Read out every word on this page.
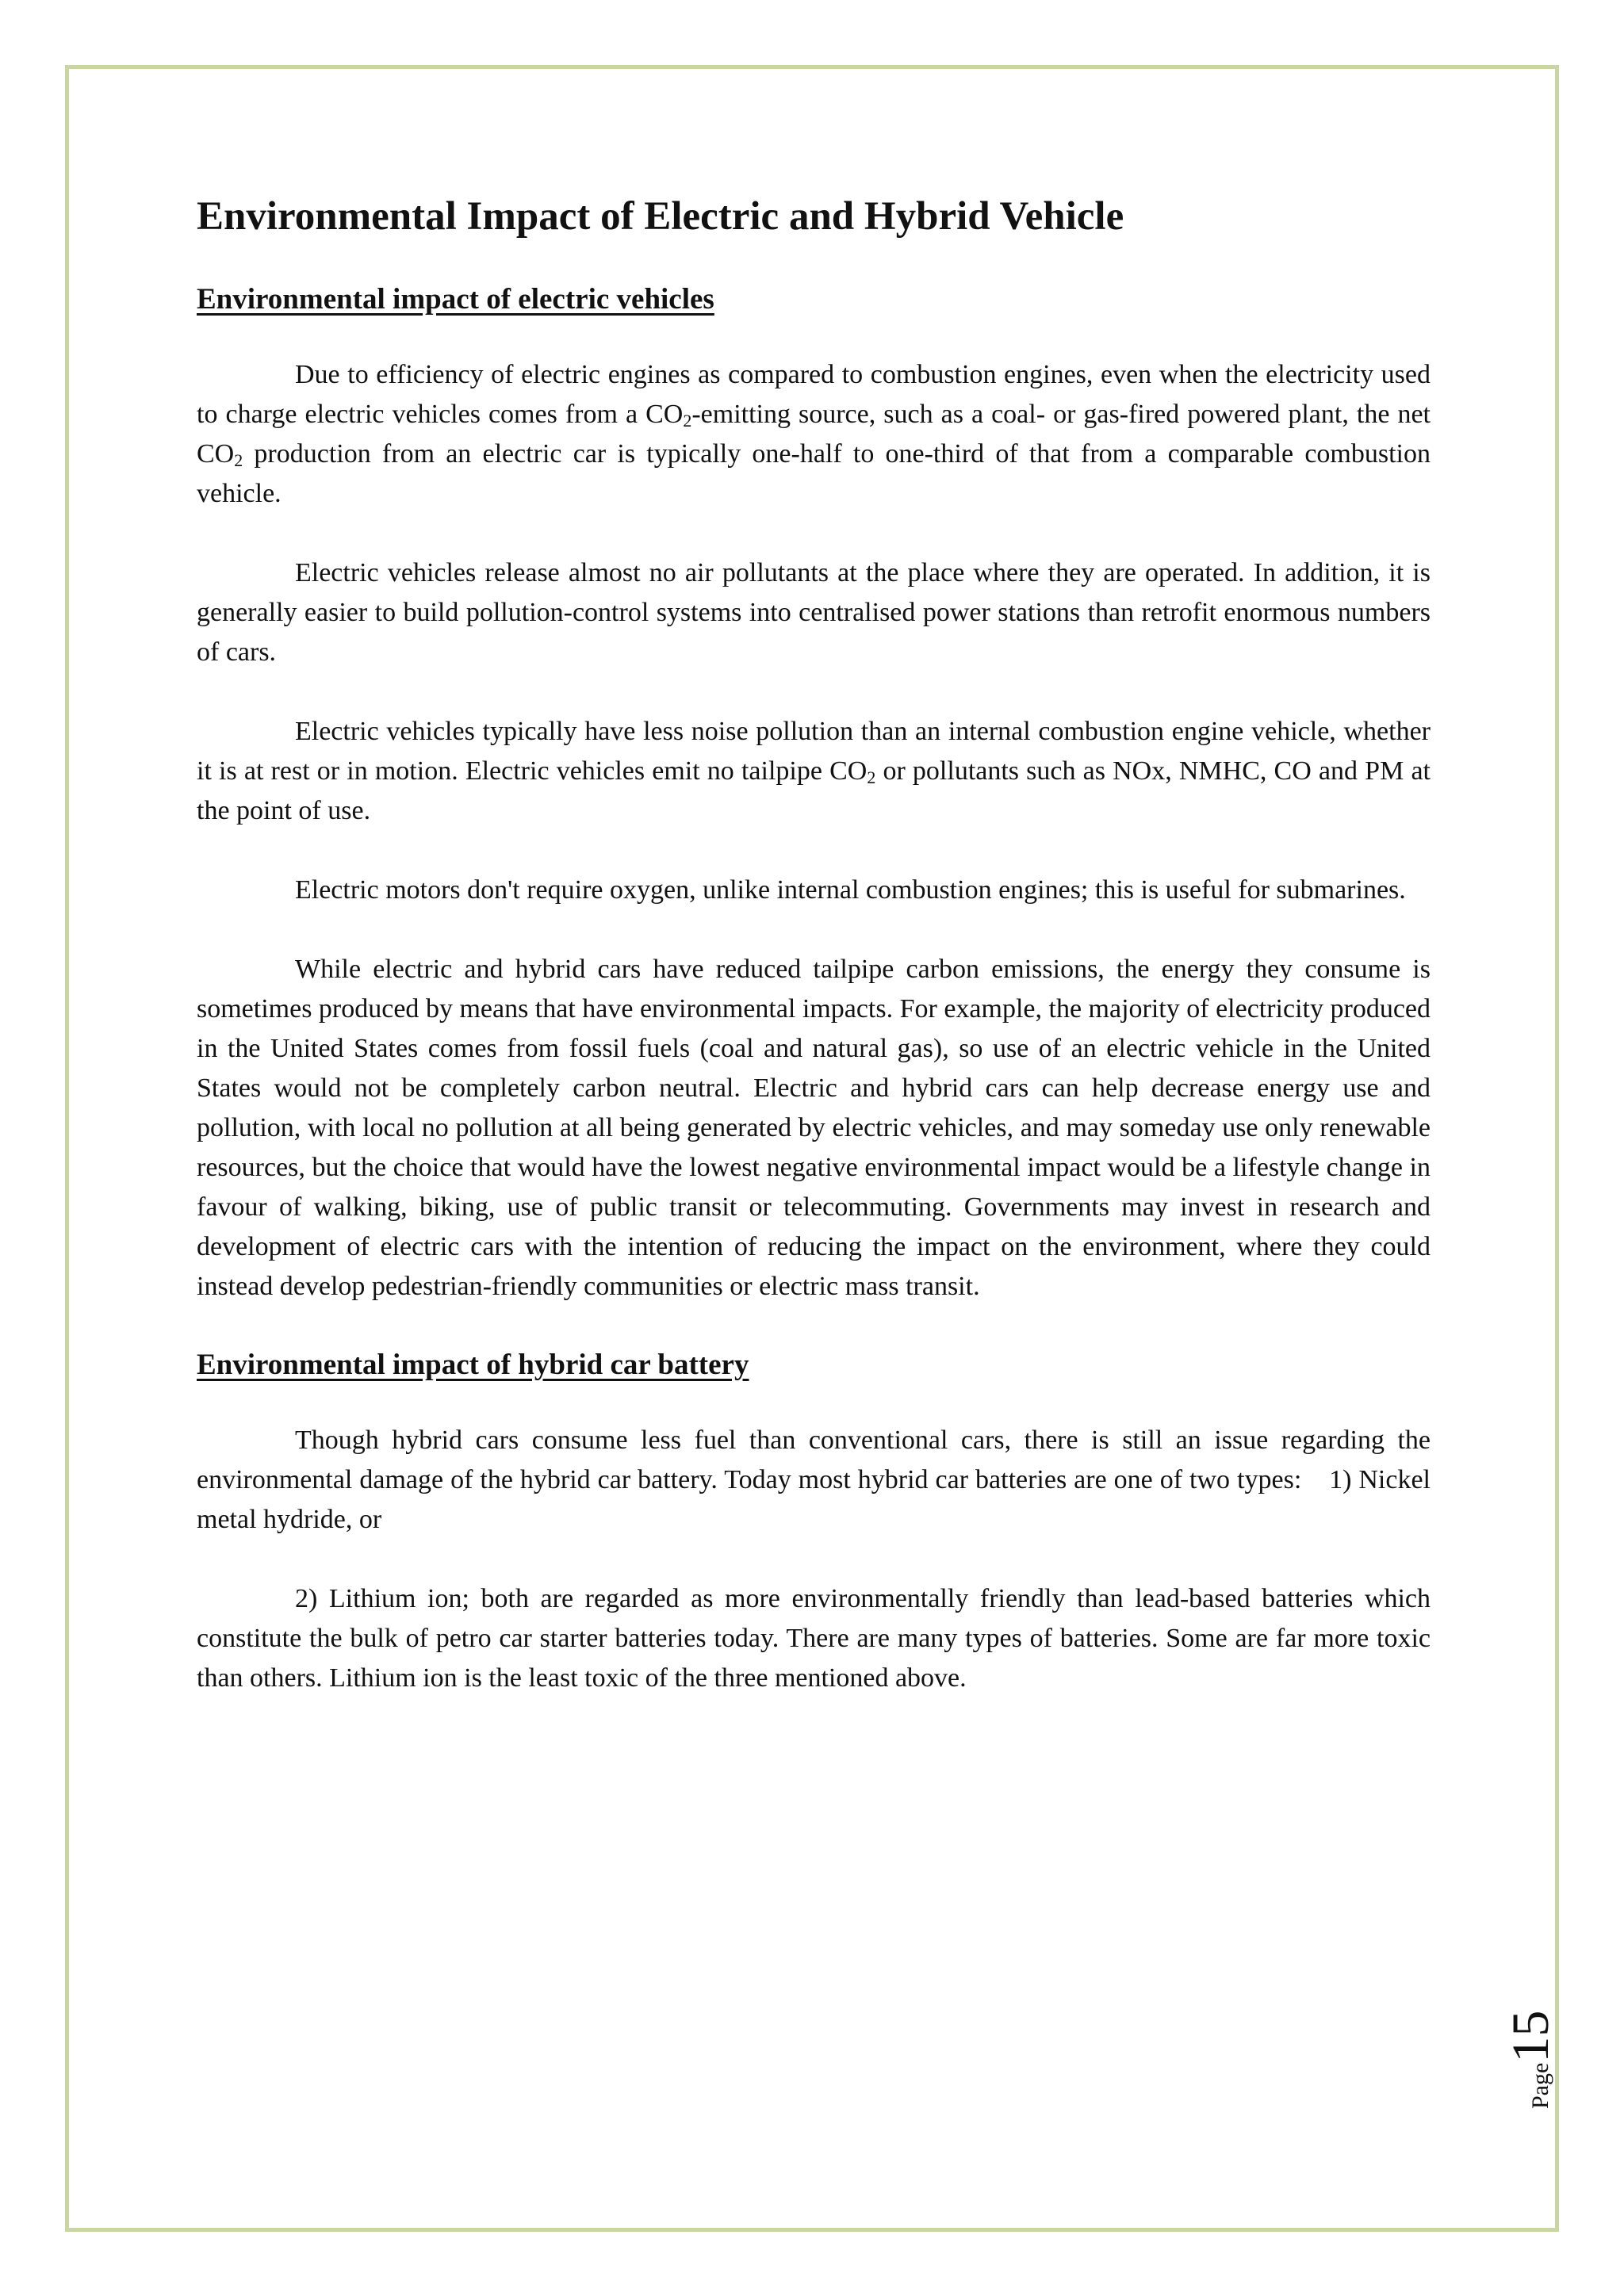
Environmental Impact of Electric and Hybrid Vehicle
Environmental impact of electric vehicles

Due to efficiency of electric engines as compared to combustion engines, even when the electricity used to charge electric vehicles comes from a $CO_2$-emitting source, such as a coal- or gas-fired powered plant, the net $CO_2$ production from an electric car is typically one-half to one-third of that from a comparable combustion vehicle.

Electric vehicles release almost no air pollutants at the place where they are operated. In addition, it is generally easier to build pollution-control systems into centralised power stations than retrofit enormous numbers of cars.

Electric vehicles typically have less noise pollution than an internal combustion engine vehicle, whether it is at rest or in motion. Electric vehicles emit no tailpipe $CO_2$ or pollutants such as NOx, NMHC, CO and PM at the point of use.

Electric motors don't require oxygen, unlike internal combustion engines; this is useful for submarines.

While electric and hybrid cars have reduced tailpipe carbon emissions, the energy they consume is sometimes produced by means that have environmental impacts. For example, the majority of electricity produced in the United States comes from fossil fuels (coal and natural gas), so use of an electric vehicle in the United States would not be completely carbon neutral. Electric and hybrid cars can help decrease energy use and pollution, with local no pollution at all being generated by electric vehicles, and may someday use only renewable resources, but the choice that would have the lowest negative environmental impact would be a lifestyle change in favour of walking, biking, use of public transit or telecommuting. Governments may invest in research and development of electric cars with the intention of reducing the impact on the environment, where they could instead develop pedestrian-friendly communities or electric mass transit.

Environmental impact of hybrid car battery

Though hybrid cars consume less fuel than conventional cars, there is still an issue regarding the environmental damage of the hybrid car battery. Today most hybrid car batteries are one of two types: 1) Nickel metal hydride, or

2) Lithium ion; both are regarded as more environmentally friendly than lead-based batteries which constitute the bulk of petro car starter batteries today. There are many types of batteries. Some are far more toxic than others. Lithium ion is the least toxic of the three mentioned above.

Page15
